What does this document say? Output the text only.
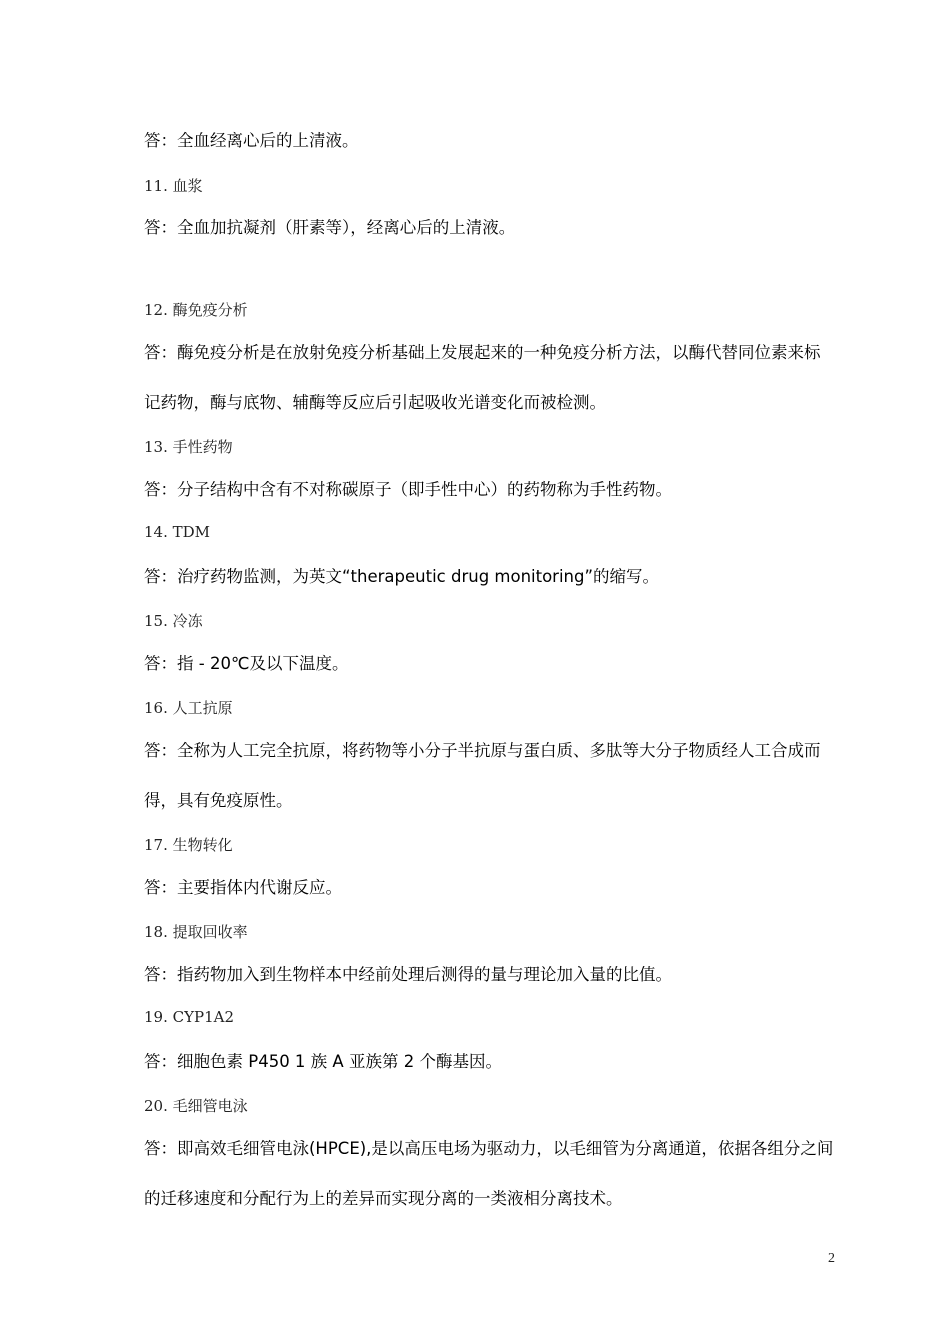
答：全血经离心后的上清液。
11. 血浆
答：全血加抗凝剂（肝素等），经离心后的上清液。
12. 酶免疫分析
答：酶免疫分析是在放射免疫分析基础上发展起来的一种免疫分析方法，以酶代替同位素来标
记药物，酶与底物、辅酶等反应后引起吸收光谱变化而被检测。
13. 手性药物
答：分子结构中含有不对称碳原子（即手性中心）的药物称为手性药物。
14. TDM
答：治疗药物监测，为英文“therapeutic drug monitoring”的缩写。
15. 冷冻
答：指 - 20℃及以下温度。
16. 人工抗原
答：全称为人工完全抗原，将药物等小分子半抗原与蛋白质、多肽等大分子物质经人工合成而
得，具有免疫原性。
17. 生物转化
答：主要指体内代谢反应。
18. 提取回收率
答：指药物加入到生物样本中经前处理后测得的量与理论加入量的比值。
19. CYP1A2
答：细胞色素 P450 1 族 A 亚族第 2 个酶基因。
20. 毛细管电泳
答：即高效毛细管电泳(HPCE),是以高压电场为驱动力，以毛细管为分离通道，依据各组分之间
的迁移速度和分配行为上的差异而实现分离的一类液相分离技术。
2
